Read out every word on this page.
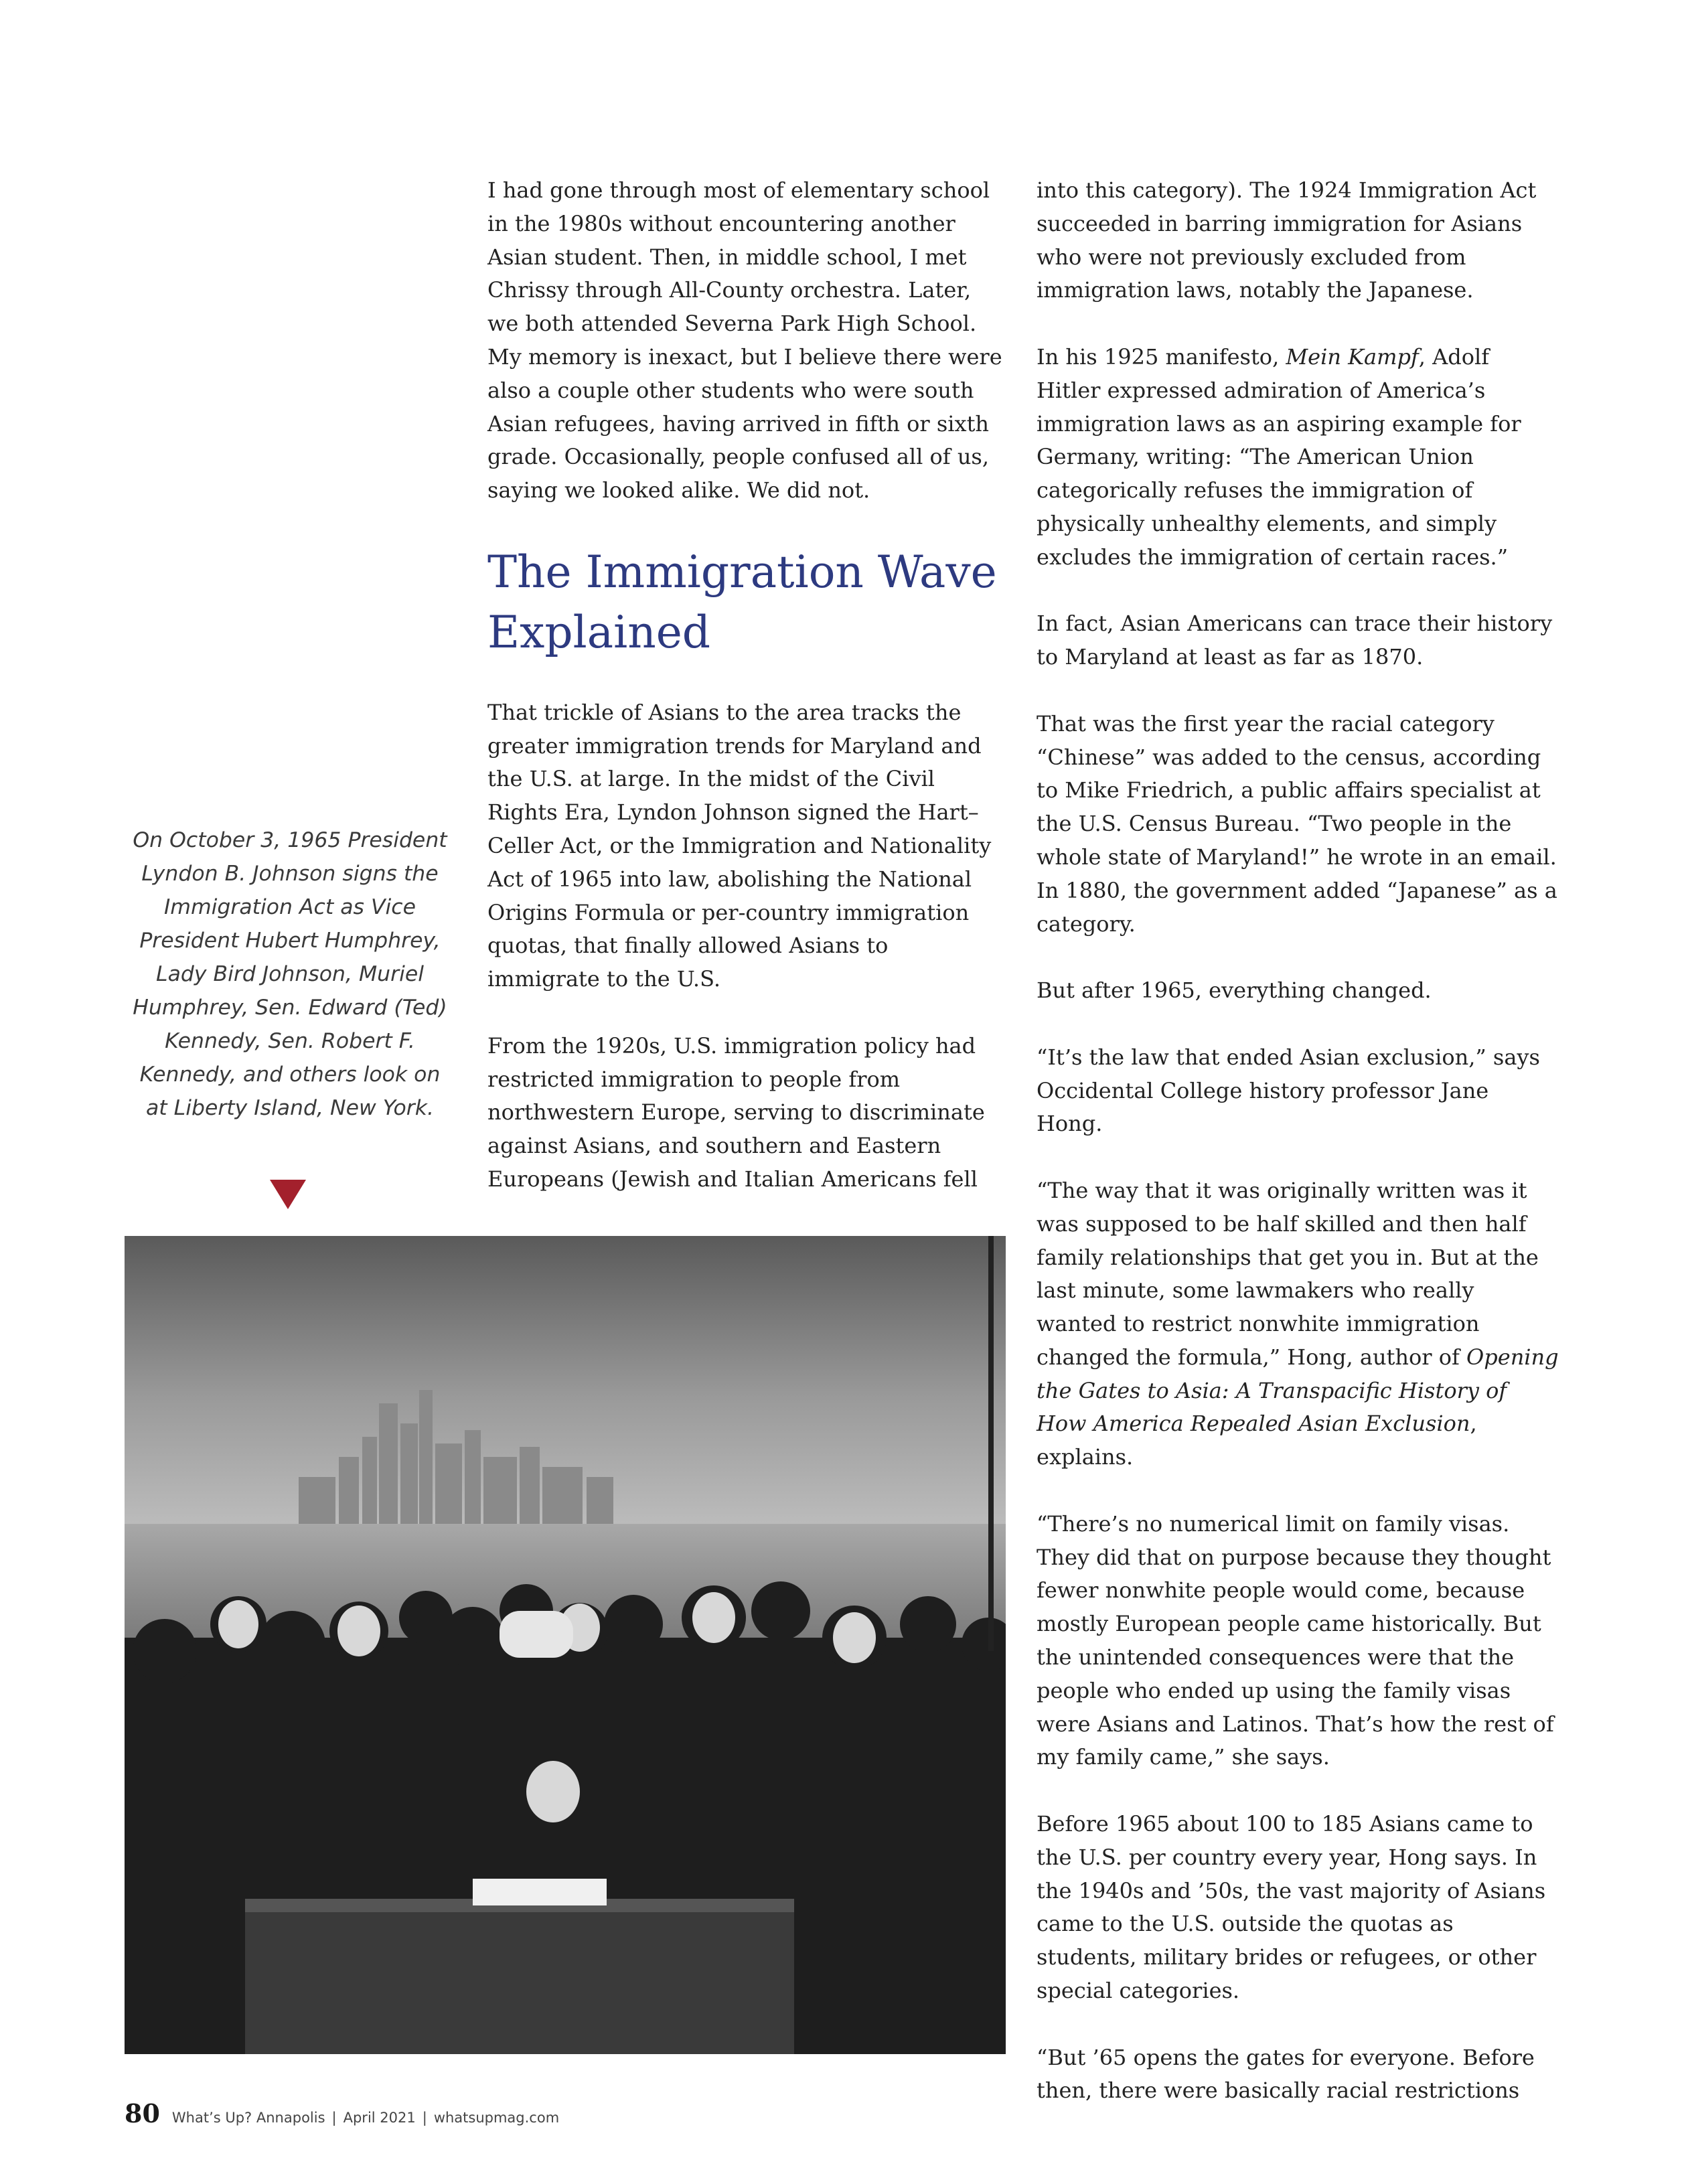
I had gone through most of elementary school in the 1980s without encountering another Asian student. Then, in middle school, I met Chrissy through All-County orchestra. Later, we both attended Severna Park High School. My memory is inexact, but I believe there were also a couple other students who were south Asian refugees, having arrived in fifth or sixth grade. Occasionally, people confused all of us, saying we looked alike. We did not.

The Immigration Wave Explained

That trickle of Asians to the area tracks the greater immigration trends for Maryland and the U.S. at large. In the midst of the Civil Rights Era, Lyndon Johnson signed the Hart–Celler Act, or the Immigration and Nationality Act of 1965 into law, abolishing the National Origins Formula or per-country immigration quotas, that finally allowed Asians to immigrate to the U.S.

From the 1920s, U.S. immigration policy had restricted immigration to people from northwestern Europe, serving to discriminate against Asians, and southern and Eastern Europeans (Jewish and Italian Americans fell

into this category). The 1924 Immigration Act succeeded in barring immigration for Asians who were not previously excluded from immigration laws, notably the Japanese.

In his 1925 manifesto, Mein Kampf, Adolf Hitler expressed admiration of America’s immigration laws as an aspiring example for Germany, writing: “The American Union categorically refuses the immigration of physically unhealthy elements, and simply excludes the immigration of certain races.”

In fact, Asian Americans can trace their history to Maryland at least as far as 1870.

That was the first year the racial category “Chinese” was added to the census, according to Mike Friedrich, a public affairs specialist at the U.S. Census Bureau. “Two people in the whole state of Maryland!” he wrote in an email. In 1880, the government added “Japanese” as a category.

But after 1965, everything changed.

“It’s the law that ended Asian exclusion,” says Occidental College history professor Jane Hong.

“The way that it was originally written was it was supposed to be half skilled and then half family relationships that get you in. But at the last minute, some lawmakers who really wanted to restrict nonwhite immigration changed the formula,” Hong, author of Opening the Gates to Asia: A Transpacific History of How America Repealed Asian Exclusion, explains.

“There’s no numerical limit on family visas. They did that on purpose because they thought fewer nonwhite people would come, because mostly European people came historically. But the unintended consequences were that the people who ended up using the family visas were Asians and Latinos. That’s how the rest of my family came,” she says.

Before 1965 about 100 to 185 Asians came to the U.S. per country every year, Hong says. In the 1940s and ’50s, the vast majority of Asians came to the U.S. outside the quotas as students, military brides or refugees, or other special categories.

“But ’65 opens the gates for everyone. Before then, there were basically racial restrictions

On October 3, 1965 President Lyndon B. Johnson signs the Immigration Act as Vice President Hubert Humphrey, Lady Bird Johnson, Muriel Humphrey, Sen. Edward (Ted) Kennedy, Sen. Robert F. Kennedy, and others look on at Liberty Island, New York.
80 What’s Up? Annapolis | April 2021 | whatsupmag.com
